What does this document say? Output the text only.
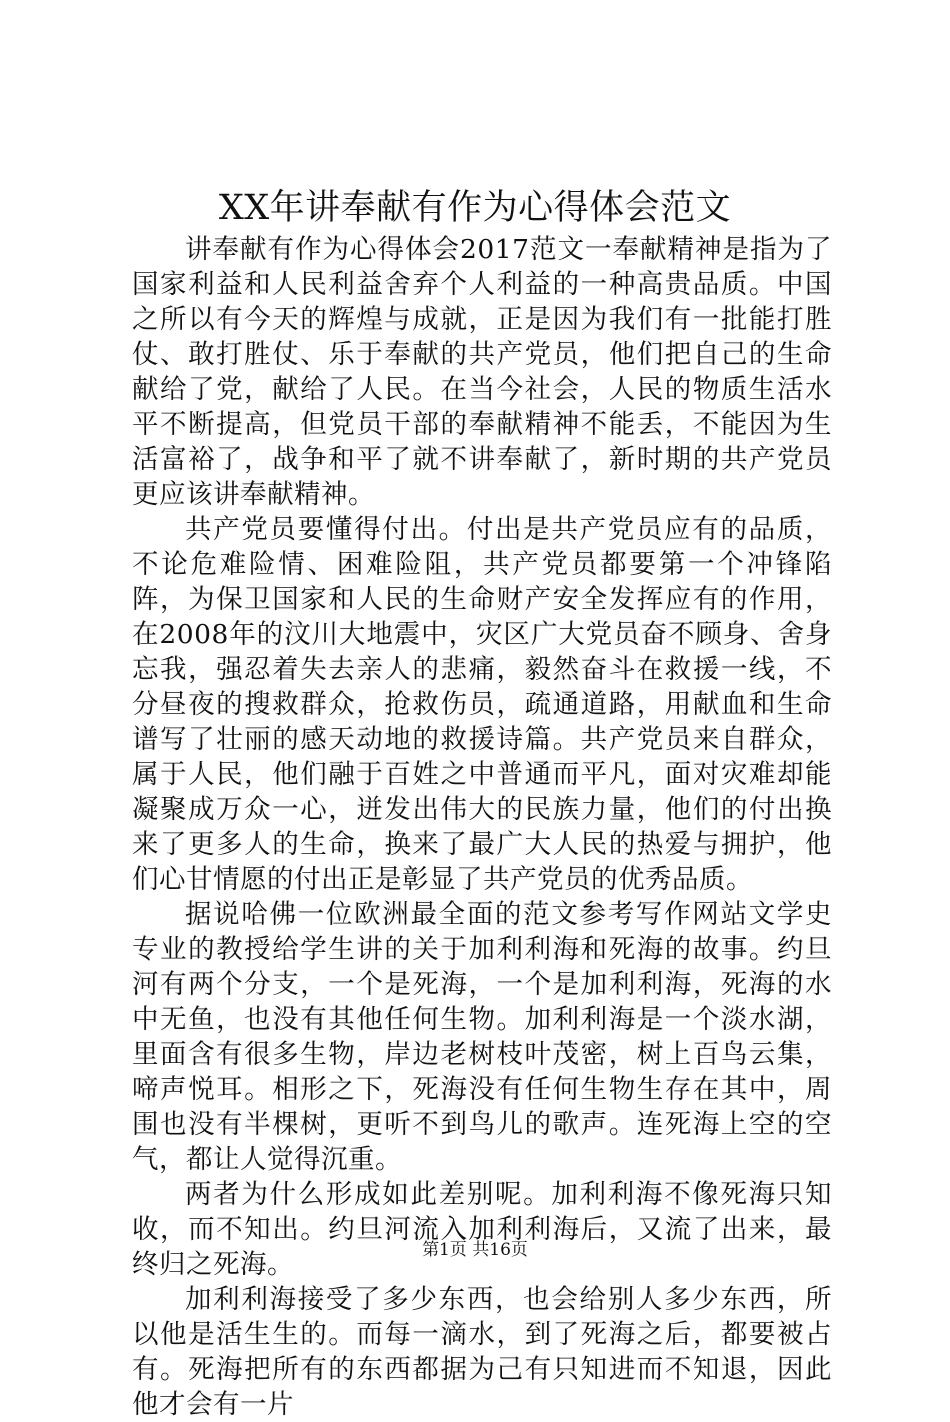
XX年讲奉献有作为心得体会范文

讲奉献有作为心得体会2017范文一奉献精神是指为了国家利益和人民利益舍弃个人利益的一种高贵品质。中国之所以有今天的辉煌与成就，正是因为我们有一批能打胜仗、敢打胜仗、乐于奉献的共产党员，他们把自己的生命献给了党，献给了人民。在当今社会，人民的物质生活水平不断提高，但党员干部的奉献精神不能丢，不能因为生活富裕了，战争和平了就不讲奉献了，新时期的共产党员更应该讲奉献精神。

共产党员要懂得付出。付出是共产党员应有的品质，不论危难险情、困难险阻，共产党员都要第一个冲锋陷阵，为保卫国家和人民的生命财产安全发挥应有的作用，在2008年的汶川大地震中，灾区广大党员奋不顾身、舍身忘我，强忍着失去亲人的悲痛，毅然奋斗在救援一线，不分昼夜的搜救群众，抢救伤员，疏通道路，用献血和生命谱写了壮丽的感天动地的救援诗篇。共产党员来自群众，属于人民，他们融于百姓之中普通而平凡，面对灾难却能凝聚成万众一心，迸发出伟大的民族力量，他们的付出换来了更多人的生命，换来了最广大人民的热爱与拥护，他们心甘情愿的付出正是彰显了共产党员的优秀品质。

据说哈佛一位欧洲最全面的范文参考写作网站文学史专业的教授给学生讲的关于加利利海和死海的故事。约旦河有两个分支，一个是死海，一个是加利利海，死海的水中无鱼，也没有其他任何生物。加利利海是一个淡水湖，里面含有很多生物，岸边老树枝叶茂密，树上百鸟云集，啼声悦耳。相形之下，死海没有任何生物生存在其中，周围也没有半棵树，更听不到鸟儿的歌声。连死海上空的空气，都让人觉得沉重。

两者为什么形成如此差别呢。加利利海不像死海只知收，而不知出。约旦河流入加利利海后，又流了出来，最终归之死海。

加利利海接受了多少东西，也会给别人多少东西，所以他是活生生的。而每一滴水，到了死海之后，都要被占有。死海把所有的东西都据为己有只知进而不知退，因此他才会有一片

第1页 共16页
